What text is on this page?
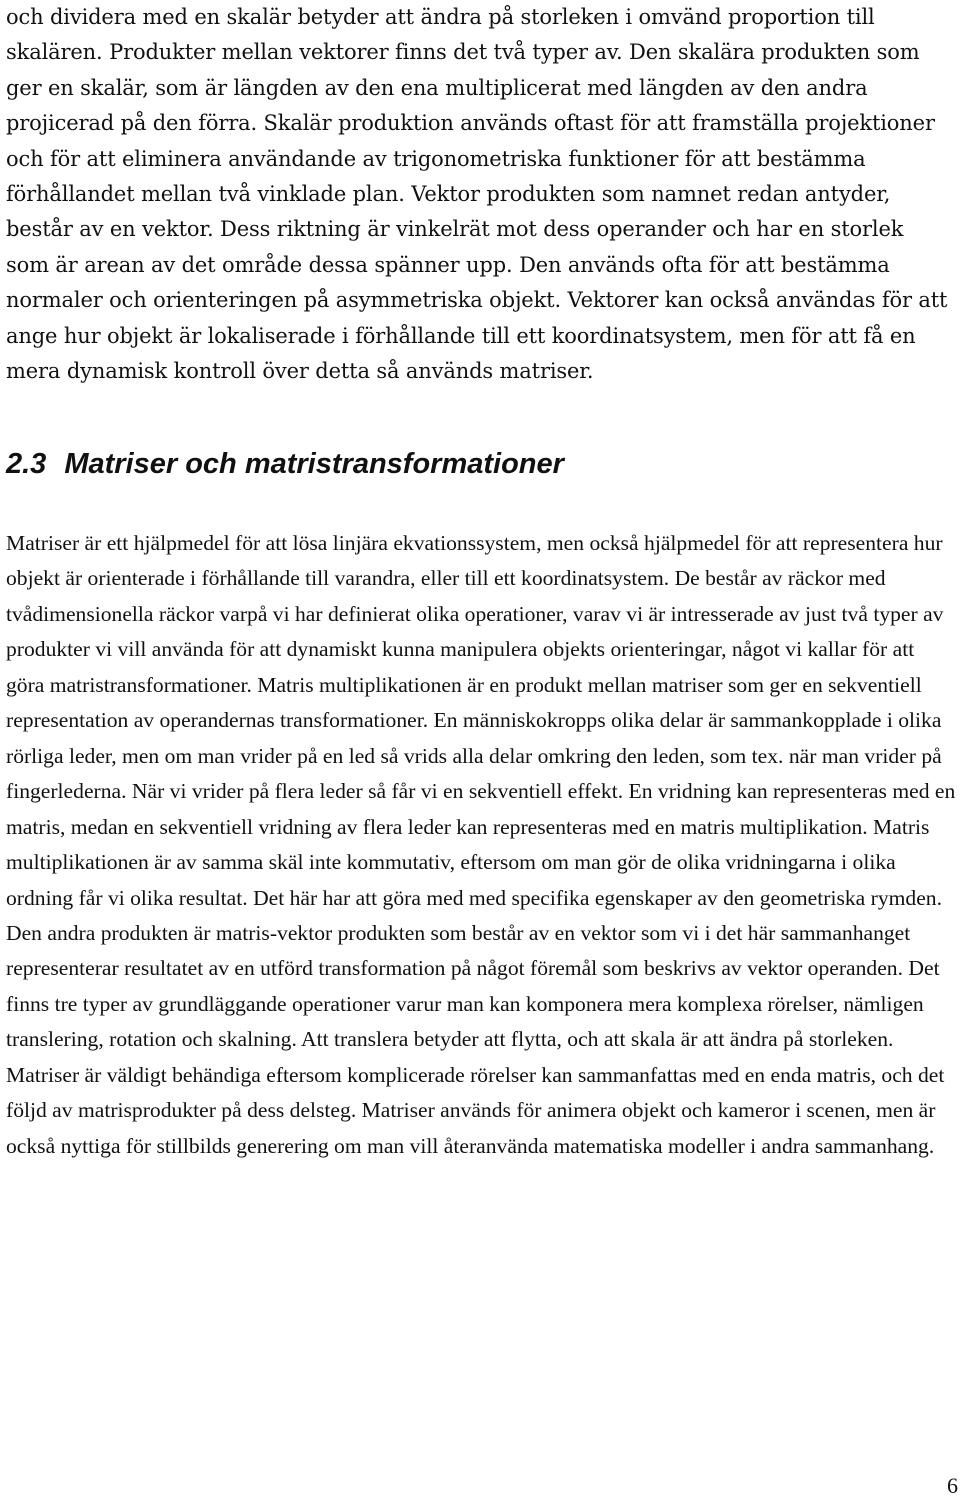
och dividera med en skalär betyder att ändra på storleken i omvänd proportion till skalären. Produkter mellan vektorer finns det två typer av. Den skalära produkten som ger en skalär, som är längden av den ena multiplicerat med längden av den andra projicerad på den förra. Skalär produktion används oftast för att framställa projektioner och för att eliminera användande av trigonometriska funktioner för att bestämma förhållandet mellan två vinklade plan. Vektor produkten som namnet redan antyder, består av en vektor. Dess riktning är vinkelrät mot dess operander och har en storlek som är arean av det område dessa spänner upp. Den används ofta för att bestämma normaler och orienteringen på asymmetriska objekt. Vektorer kan också användas för att ange hur objekt är lokaliserade i förhållande till ett koordinatsystem, men för att få en mera dynamisk kontroll över detta så används matriser.

2.3 Matriser och matristransformationer

Matriser är ett hjälpmedel för att lösa linjära ekvationssystem, men också hjälpmedel för att representera hur objekt är orienterade i förhållande till varandra, eller till ett koordinatsystem. De består av räckor med tvådimensionella räckor varpå vi har definierat olika operationer, varav vi är intresserade av just två typer av produkter vi vill använda för att dynamiskt kunna manipulera objekts orienteringar, något vi kallar för att göra matristransformationer. Matris multiplikationen är en produkt mellan matriser som ger en sekventiell representation av operandernas transformationer. En människokropps olika delar är sammankopplade i olika rörliga leder, men om man vrider på en led så vrids alla delar omkring den leden, som tex. när man vrider på fingerlederna. När vi vrider på flera leder så får vi en sekventiell effekt. En vridning kan representeras med en matris, medan en sekventiell vridning av flera leder kan representeras med en matris multiplikation. Matris multiplikationen är av samma skäl inte kommutativ, eftersom om man gör de olika vridningarna i olika ordning får vi olika resultat. Det här har att göra med med specifika egenskaper av den geometriska rymden. Den andra produkten är matris-vektor produkten som består av en vektor som vi i det här sammanhanget representerar resultatet av en utförd transformation på något föremål som beskrivs av vektor operanden. Det finns tre typer av grundläggande operationer varur man kan komponera mera komplexa rörelser, nämligen translering, rotation och skalning. Att translera betyder att flytta, och att skala är att ändra på storleken. Matriser är väldigt behändiga eftersom komplicerade rörelser kan sammanfattas med en enda matris, och det följd av matrisprodukter på dess delsteg. Matriser används för animera objekt och kameror i scenen, men är också nyttiga för stillbilds generering om man vill återanvända matematiska modeller i andra sammanhang.

6
